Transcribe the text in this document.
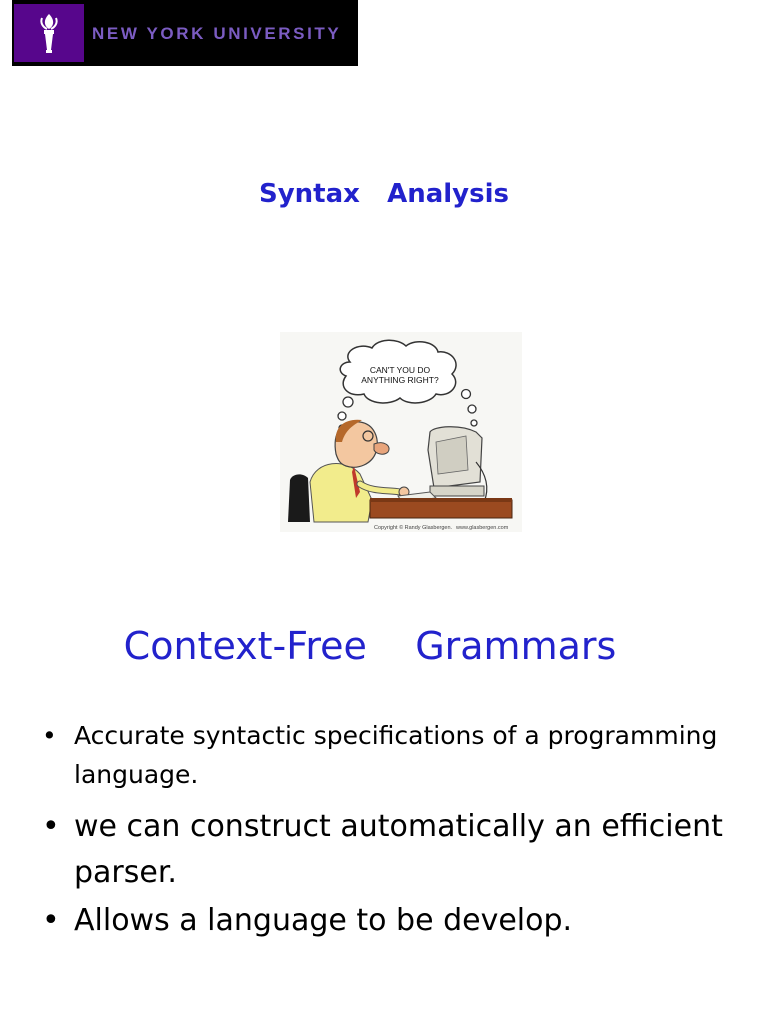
NEW YORK UNIVERSITY
Syntax   Analysis
CAN'T YOU DO
ANYTHING RIGHT?
Copyright © Randy Glasbergen. www.glasbergen.com
Context-Free    Grammars
• Accurate syntactic specifications of a programming language.
• we can construct automatically an efficient parser.
• Allows a language to be develop.
